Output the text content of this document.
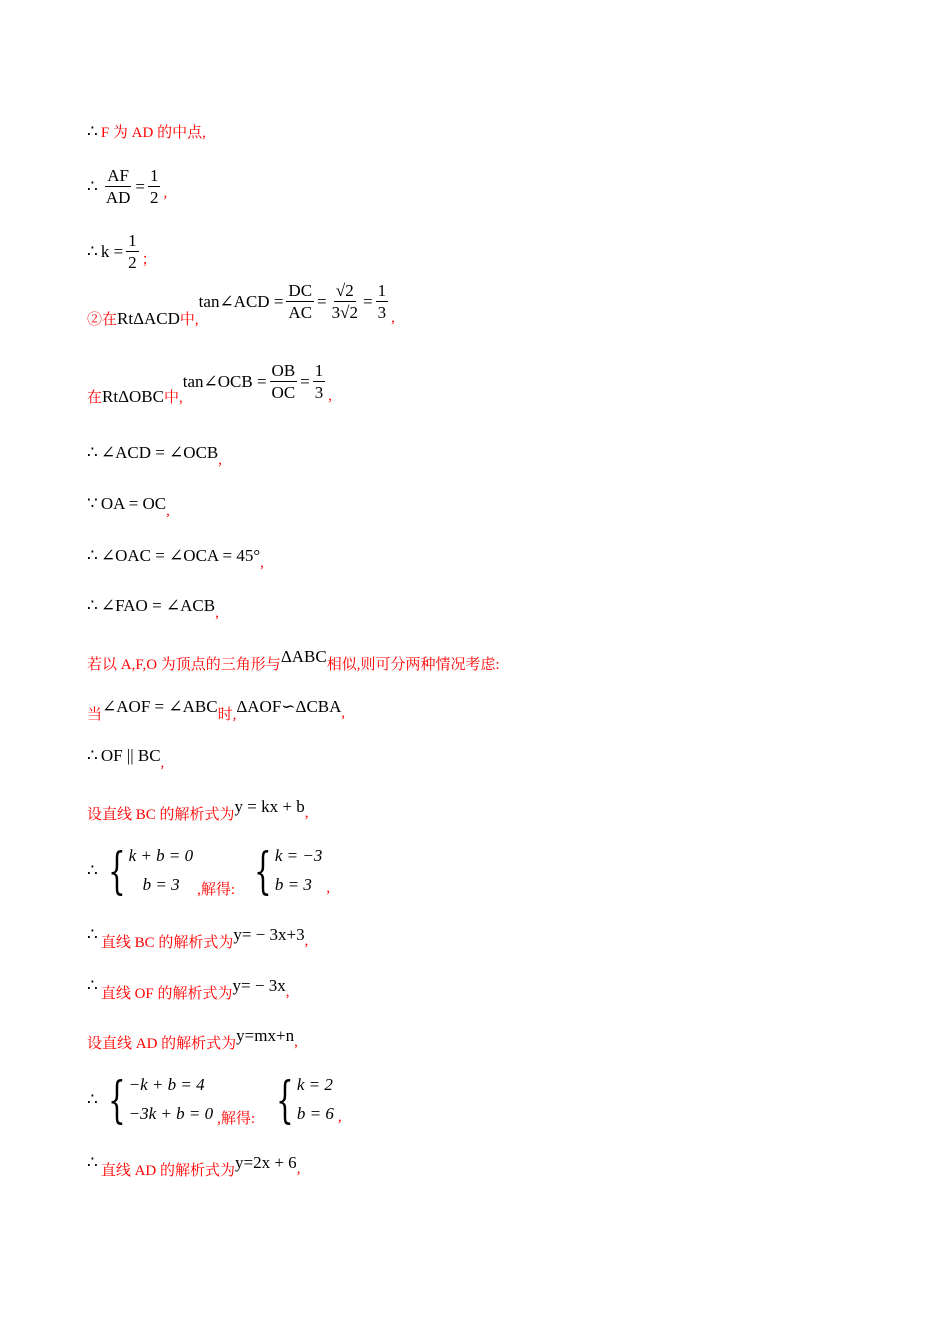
∴ F 为 AD 的中点,
∴ $\frac{AF}{AD} = \frac{1}{2}$ ,
∴ $k = \frac{1}{2}$ ；
②在 RtΔACD 中,
tan∠ACD = $\frac{DC}{AC} = \frac{√2}{3√2} = \frac{1}{3}$ ,
在 RtΔOBC 中,
tan∠OCB = $\frac{OB}{OC} = \frac{1}{3}$ ,
∴ ∠ACD = ∠OCB ,
∵ OA = OC ,
∴ ∠OAC = ∠OCA = 45° ,
∴ ∠FAO = ∠ACB ,
若以 A,F,O 为顶点的三角形与 ΔABC 相似,则可分两种情况考虑:
当 ∠AOF = ∠ABC 时, ΔAOF∽ΔCBA ,
∴ OF || BC ,
设直线 BC 的解析式为 y = kx + b ,
∴ { k + b = 0
b = 3	,解得: { k = −3
b = 3 ,
∴ 直线 BC 的解析式为 y= − 3x+3 ,
∴ 直线 OF 的解析式为 y= − 3x ,
设直线 AD 的解析式为 y=mx+n ,
∴ { −k + b = 4
−3k + b = 0 ,解得: { k = 2
b = 6 ,
∴ 直线 AD 的解析式为 y=2x + 6 ,
